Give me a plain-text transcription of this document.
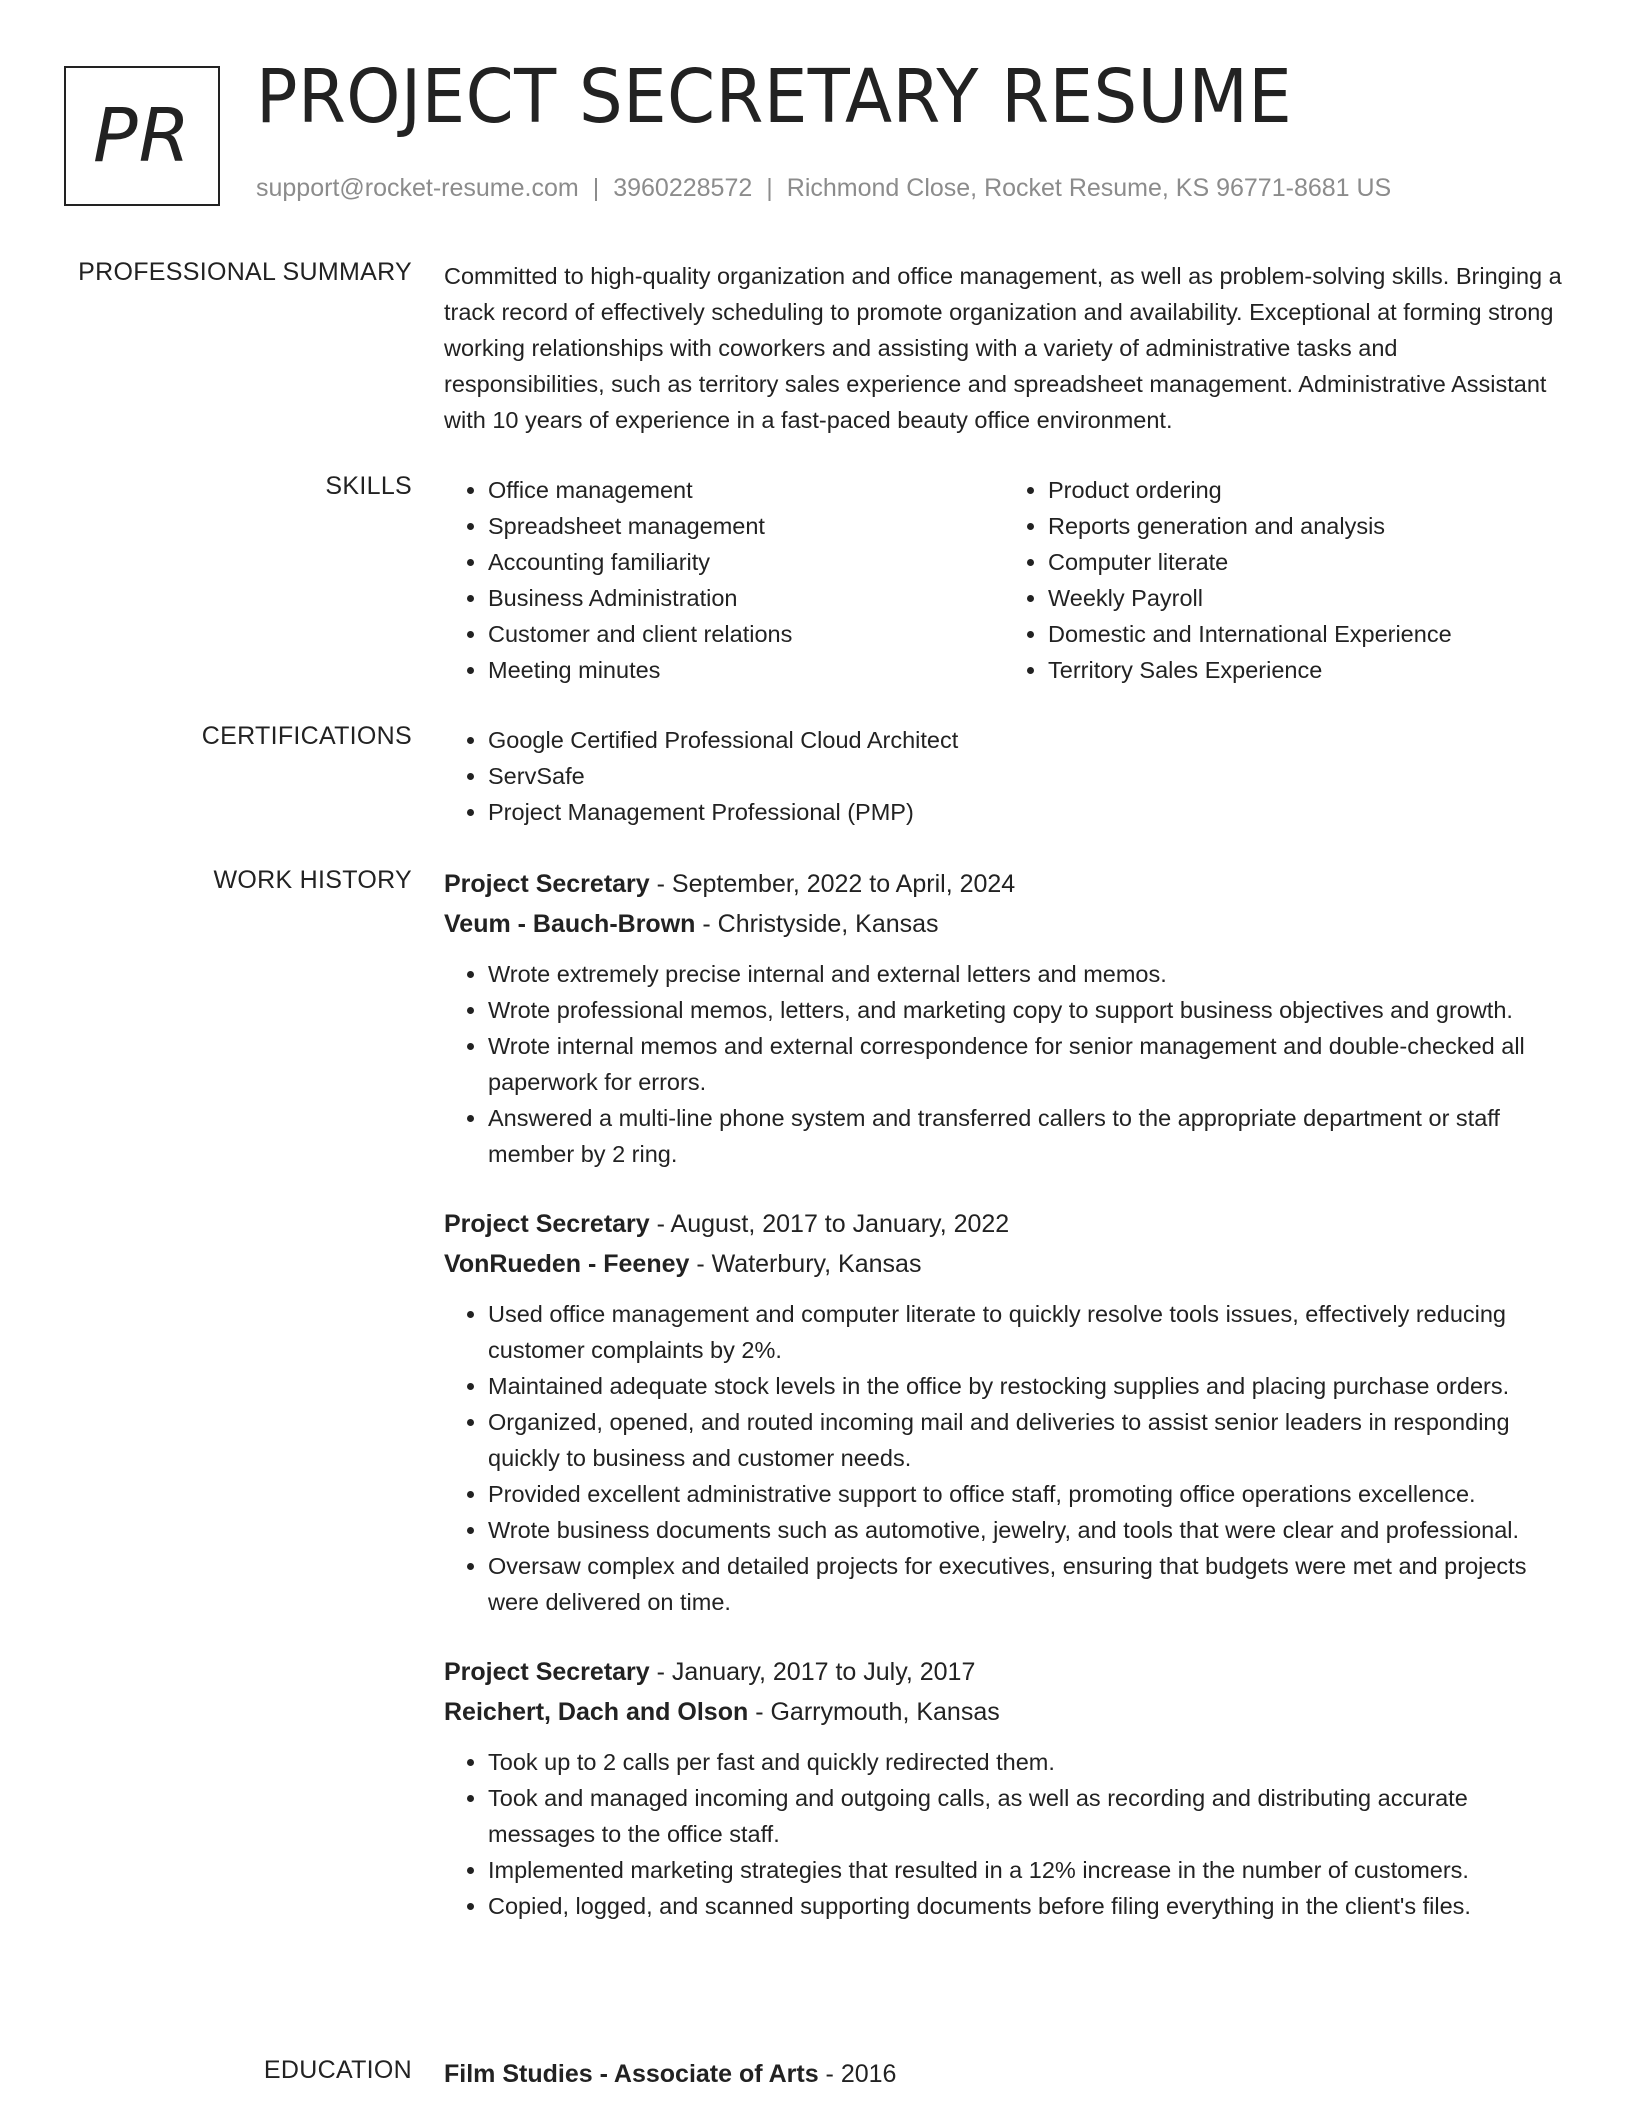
PR PROJECT SECRETARY RESUME
support@rocket-resume.com | 3960228572 | Richmond Close, Rocket Resume, KS 96771-8681 US
PROFESSIONAL SUMMARY Committed to high-quality organization and office management, as well as problem-solving skills. Bringing a track record of effectively scheduling to promote organization and availability. Exceptional at forming strong working relationships with coworkers and assisting with a variety of administrative tasks and responsibilities, such as territory sales experience and spreadsheet management. Administrative Assistant with 10 years of experience in a fast-paced beauty office environment.

SKILLS	• Office management
• Spreadsheet management
• Accounting familiarity
• Business Administration
• Customer and client relations
• Meeting minutes
• Product ordering
• Reports generation and analysis
• Computer literate
• Weekly Payroll
• Domestic and International Experience
• Territory Sales Experience
CERTIFICATIONS	• Google Certified Professional Cloud Architect
• ServSafe
• Project Management Professional (PMP)
WORK HISTORY Project Secretary - September, 2022 to April, 2024
Veum - Bauch-Brown - Christyside, Kansas
• Wrote extremely precise internal and external letters and memos.
• Wrote professional memos, letters, and marketing copy to support business objectives and growth.
• Wrote internal memos and external correspondence for senior management and double-checked all paperwork for errors.
• Answered a multi-line phone system and transferred callers to the appropriate department or staff member by 2 ring.
Project Secretary - August, 2017 to January, 2022
VonRueden - Feeney - Waterbury, Kansas
• Used office management and computer literate to quickly resolve tools issues, effectively reducing customer complaints by 2%.
• Maintained adequate stock levels in the office by restocking supplies and placing purchase orders.
• Organized, opened, and routed incoming mail and deliveries to assist senior leaders in responding quickly to business and customer needs.
• Provided excellent administrative support to office staff, promoting office operations excellence.
• Wrote business documents such as automotive, jewelry, and tools that were clear and professional.
• Oversaw complex and detailed projects for executives, ensuring that budgets were met and projects were delivered on time.
Project Secretary - January, 2017 to July, 2017
Reichert, Dach and Olson - Garrymouth, Kansas
• Took up to 2 calls per fast and quickly redirected them.
• Took and managed incoming and outgoing calls, as well as recording and distributing accurate messages to the office staff.
• Implemented marketing strategies that resulted in a 12% increase in the number of customers.
• Copied, logged, and scanned supporting documents before filing everything in the client's files.
EDUCATION Film Studies - Associate of Arts - 2016
